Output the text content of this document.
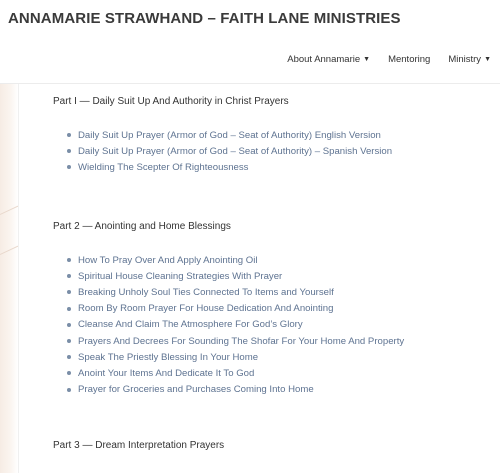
ANNAMARIE STRAWHAND – FAITH LANE MINISTRIES
About Annamarie ▼ Mentoring Ministry ▼
Part I — Daily Suit Up And Authority in Christ Prayers
Daily Suit Up Prayer (Armor of God – Seat of Authority) English Version
Daily Suit Up Prayer (Armor of God – Seat of Authority) – Spanish Version
Wielding The Scepter Of Righteousness
Part 2 — Anointing and Home Blessings
How To Pray Over And Apply Anointing Oil
Spiritual House Cleaning Strategies With Prayer
Breaking Unholy Soul Ties Connected To Items and Yourself
Room By Room Prayer For House Dedication And Anointing
Cleanse And Claim The Atmosphere For God’s Glory
Prayers And Decrees For Sounding The Shofar For Your Home And Property
Speak The Priestly Blessing In Your Home
Anoint Your Items And Dedicate It To God
Prayer for Groceries and Purchases Coming Into Home
Part 3 — Dream Interpretation Prayers
